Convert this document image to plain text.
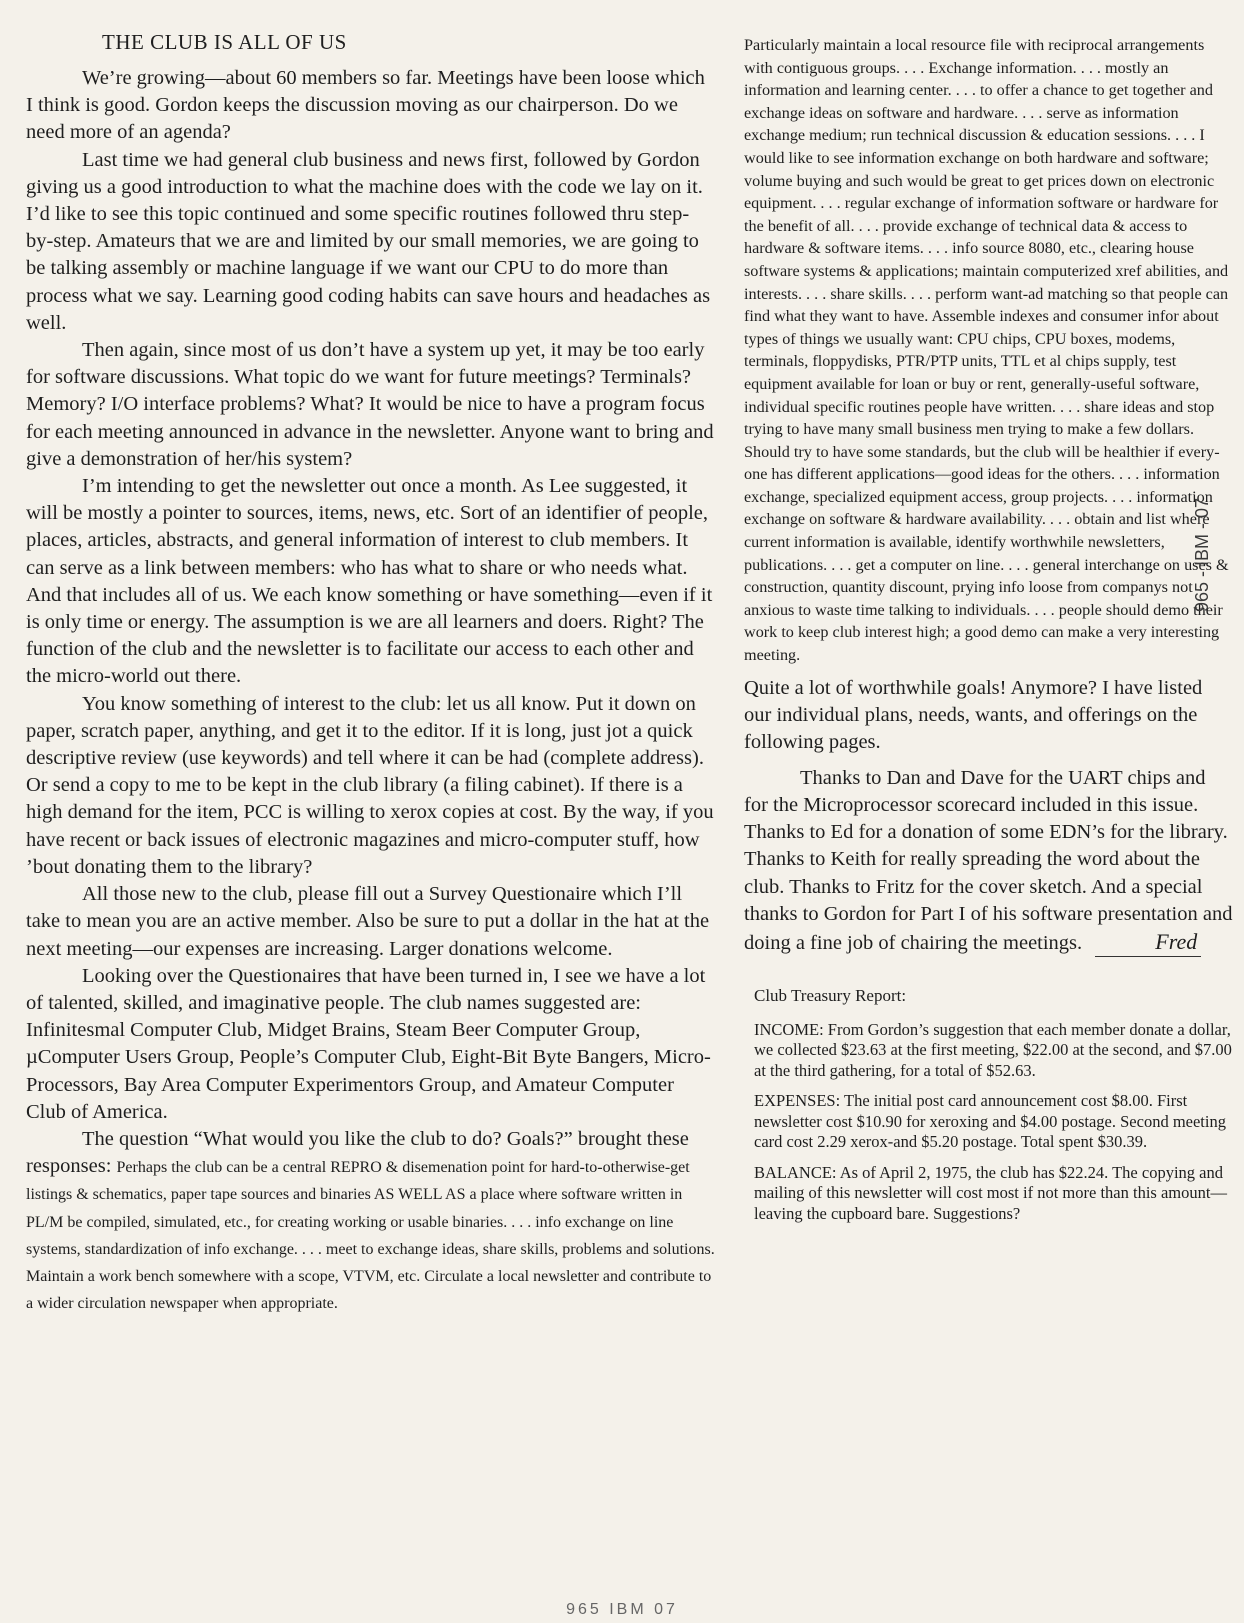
THE CLUB IS ALL OF US

We’re growing—about 60 members so far. Meetings have been loose which I think is good. Gordon keeps the discussion moving as our chairperson. Do we need more of an agenda?

Last time we had general club business and news first, followed by Gordon giving us a good introduction to what the machine does with the code we lay on it. I’d like to see this topic continued and some specific routines followed thru step-by-step. Amateurs that we are and limited by our small memories, we are going to be talking assembly or machine language if we want our CPU to do more than process what we say. Learning good coding habits can save hours and headaches as well.

Then again, since most of us don’t have a system up yet, it may be too early for software discussions. What topic do we want for future meetings? Terminals? Memory? I/O interface problems? What? It would be nice to have a program focus for each meeting announced in advance in the newsletter. Anyone want to bring and give a demonstration of her/his system?

I’m intending to get the newsletter out once a month. As Lee suggested, it will be mostly a pointer to sources, items, news, etc. Sort of an identifier of people, places, articles, abstracts, and general information of interest to club members. It can serve as a link between members: who has what to share or who needs what. And that includes all of us. We each know something or have something—even if it is only time or energy. The assumption is we are all learners and doers. Right? The function of the club and the newsletter is to facilitate our access to each other and the micro-world out there.

You know something of interest to the club: let us all know. Put it down on paper, scratch paper, anything, and get it to the editor. If it is long, just jot a quick descriptive review (use keywords) and tell where it can be had (complete address). Or send a copy to me to be kept in the club library (a filing cabinet). If there is a high demand for the item, PCC is willing to xerox copies at cost. By the way, if you have recent or back issues of electronic magazines and micro-computer stuff, how ’bout donating them to the library?

All those new to the club, please fill out a Survey Questionaire which I’ll take to mean you are an active member. Also be sure to put a dollar in the hat at the next meeting—our expenses are increasing. Larger donations welcome.

Looking over the Questionaires that have been turned in, I see we have a lot of talented, skilled, and imaginative people. The club names suggested are: Infinitesmal Computer Club, Midget Brains, Steam Beer Computer Group, µComputer Users Group, People’s Computer Club, Eight-Bit Byte Bangers, Micro-Processors, Bay Area Computer Experimentors Group, and Amateur Computer Club of America.

The question “What would you like the club to do? Goals?” brought these responses: Perhaps the club can be a central REPRO & disemenation point for hard-to-otherwise-get listings & schematics, paper tape sources and binaries AS WELL AS a place where software written in PL/M be compiled, simulated, etc., for creating working or usable binaries. . . . info exchange on line systems, standardization of info exchange. . . . meet to exchange ideas, share skills, problems and solutions. Maintain a work bench somewhere with a scope, VTVM, etc. Circulate a local newsletter and contribute to a wider circulation newspaper when appropriate.

Particularly maintain a local resource file with reciprocal arrangements with contiguous groups. . . . Exchange information. . . . mostly an information and learning center. . . . to offer a chance to get together and exchange ideas on software and hardware. . . . serve as information exchange medium; run technical discussion & education sessions. . . . I would like to see information exchange on both hardware and software; volume buying and such would be great to get prices down on electronic equipment. . . . regular exchange of information software or hardware for the benefit of all. . . . provide exchange of technical data & access to hardware & software items. . . . info source 8080, etc., clearing house software systems & applications; maintain computerized xref abilities, and interests. . . . share skills. . . . perform want-ad matching so that people can find what they want to have. Assemble indexes and consumer infor about types of things we usually want: CPU chips, CPU boxes, modems, terminals, floppydisks, PTR/PTP units, TTL et al chips supply, test equipment available for loan or buy or rent, generally-useful software, individual specific routines people have written. . . . share ideas and stop trying to have many small business men trying to make a few dollars. Should try to have some standards, but the club will be healthier if every-one has different applications—good ideas for the others. . . . information exchange, specialized equipment access, group projects. . . . information exchange on software & hardware availability. . . . obtain and list where current information is available, identify worthwhile newsletters, publications. . . . get a computer on line. . . . general interchange on uses & construction, quantity discount, prying info loose from companys not anxious to waste time talking to individuals. . . . people should demo their work to keep club interest high; a good demo can make a very interesting meeting.

Quite a lot of worthwhile goals! Anymore? I have listed our individual plans, needs, wants, and offerings on the following pages.

Thanks to Dan and Dave for the UART chips and for the Microprocessor scorecard included in this issue. Thanks to Ed for a donation of some EDN’s for the library. Thanks to Keith for really spreading the word about the club. Thanks to Fritz for the cover sketch. And a special thanks to Gordon for Part I of his software presentation and doing a fine job of chairing the meetings.	Fred

Club Treasury Report:

INCOME: From Gordon’s suggestion that each member donate a dollar, we collected $23.63 at the first meeting, $22.00 at the second, and $7.00 at the third gathering, for a total of $52.63.

EXPENSES: The initial post card announcement cost $8.00. First newsletter cost $10.90 for xeroxing and $4.00 postage. Second meeting card cost 2.29 xerox-and $5.20 postage. Total spent $30.39.

BALANCE: As of April 2, 1975, the club has $22.24. The copying and mailing of this newsletter will cost most if not more than this amount—leaving the cupboard bare. Suggestions?

965 - IBM - 07
965 IBM 07
